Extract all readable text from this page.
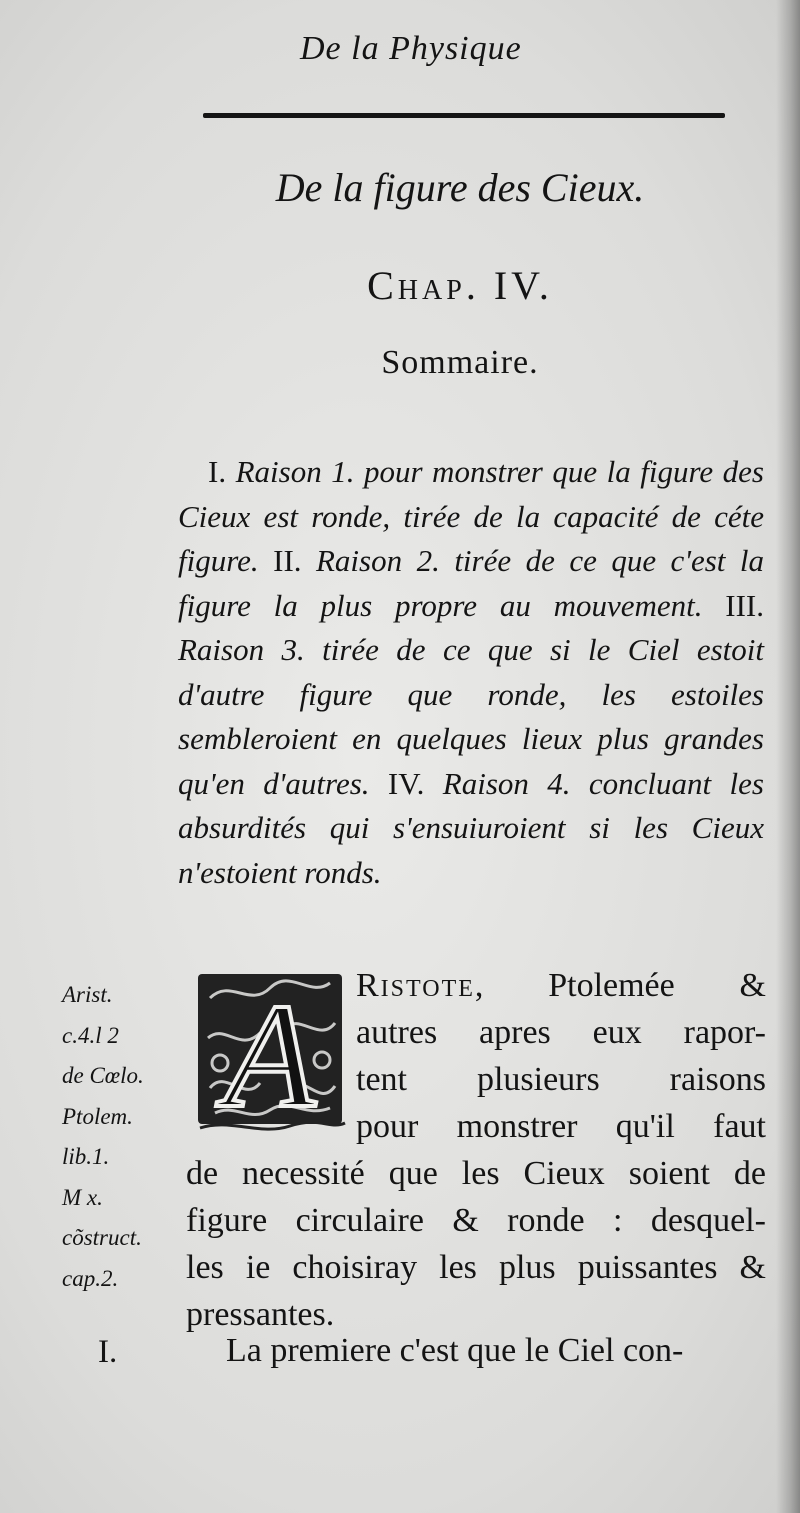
De la Physique
De la figure des Cieux.
Chap. IV.
Sommaire.
I. Raison 1. pour monstrer que la figure des Cieux est ronde, tirée de la capacité de céte figure. II. Raison 2. tirée de ce que c'est la figure la plus propre au mouvement. III. Raison 3. tirée de ce que si le Ciel estoit d'autre figure que ronde, les estoiles sembleroient en quelques lieux plus grandes qu'en d'autres. IV. Raison 4. concluant les absurdités qui s'ensuiuroient si les Cieux n'estoient ronds.
Arist.
c.4.l 2
de Cœlo.
Ptolem.
lib.1.
M x.
cõstruct.
cap.2.
A	Ristote, Ptolemée &
autres apres eux rapor-
tent plusieurs raisons
pour monstrer qu'il faut
de necessité que les Cieux soient de
figure circulaire & ronde : desquel-
les ie choisiray les plus puissantes &
pressantes.
I.	La premiere c'est que le Ciel con-
